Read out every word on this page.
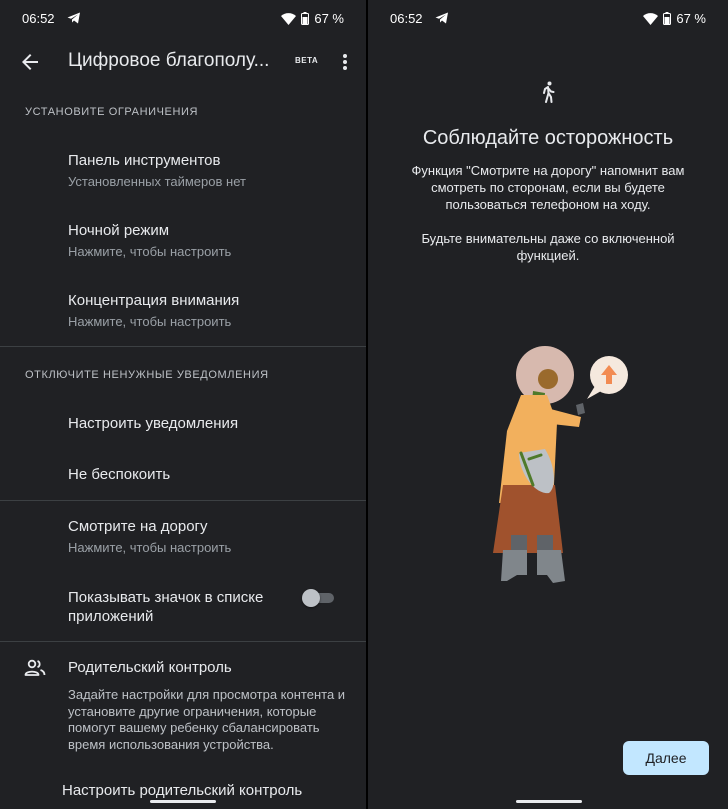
06:52	67 %
Цифровое благополу...	BETA
УСТАНОВИТЕ ОГРАНИЧЕНИЯ
Панель инструментов
Установленных таймеров нет
Ночной режим
Нажмите, чтобы настроить
Концентрация внимания
Нажмите, чтобы настроить
ОТКЛЮЧИТЕ НЕНУЖНЫЕ УВЕДОМЛЕНИЯ
Настроить уведомления
Не беспокоить
Смотрите на дорогу
Нажмите, чтобы настроить
Показывать значок в списке
приложений
Родительский контроль
Задайте настройки для просмотра контента и установите другие ограничения, которые помогут вашему ребенку сбалансировать время использования устройства.
Настроить родительский контроль
06:52	67 %
Соблюдайте осторожность
Функция "Смотрите на дорогу" напомнит вам смотреть по сторонам, если вы будете пользоваться телефоном на ходу.
Будьте внимательны даже со включенной функцией.
Далее
